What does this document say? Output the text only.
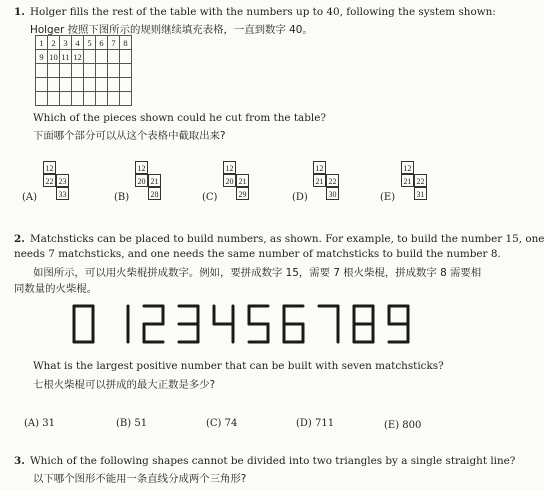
1. Holger fills the rest of the table with the numbers up to 40, following the system shown:
Holger 按照下图所示的规则继续填充表格，一直到数字 40。
1	2	3	4	5	6	7	8
9	10	11	12				

Which of the pieces shown could he cut from the table?
下面哪个部分可以从这个表格中截取出来?
12
22 23
33
(A)
12
20 21
28
(B)
12
20 21
29
(C)
12
21 22
30
(D)
12
21 22
31
(E)
2. Matchsticks can be placed to build numbers, as shown. For example, to build the number 15, one
needs 7 matchsticks, and one needs the same number of matchsticks to build the number 8.
如图所示，可以用火柴棍拼成数字。例如，要拼成数字 15，需要 7 根火柴棍，拼成数字 8 需要相
同数量的火柴棍。
What is the largest positive number that can be built with seven matchsticks?
七根火柴棍可以拼成的最大正数是多少?
(A) 31	(B) 51	(C) 74	(D) 711	(E) 800
3. Which of the following shapes cannot be divided into two triangles by a single straight line?
以下哪个图形不能用一条直线分成两个三角形?
